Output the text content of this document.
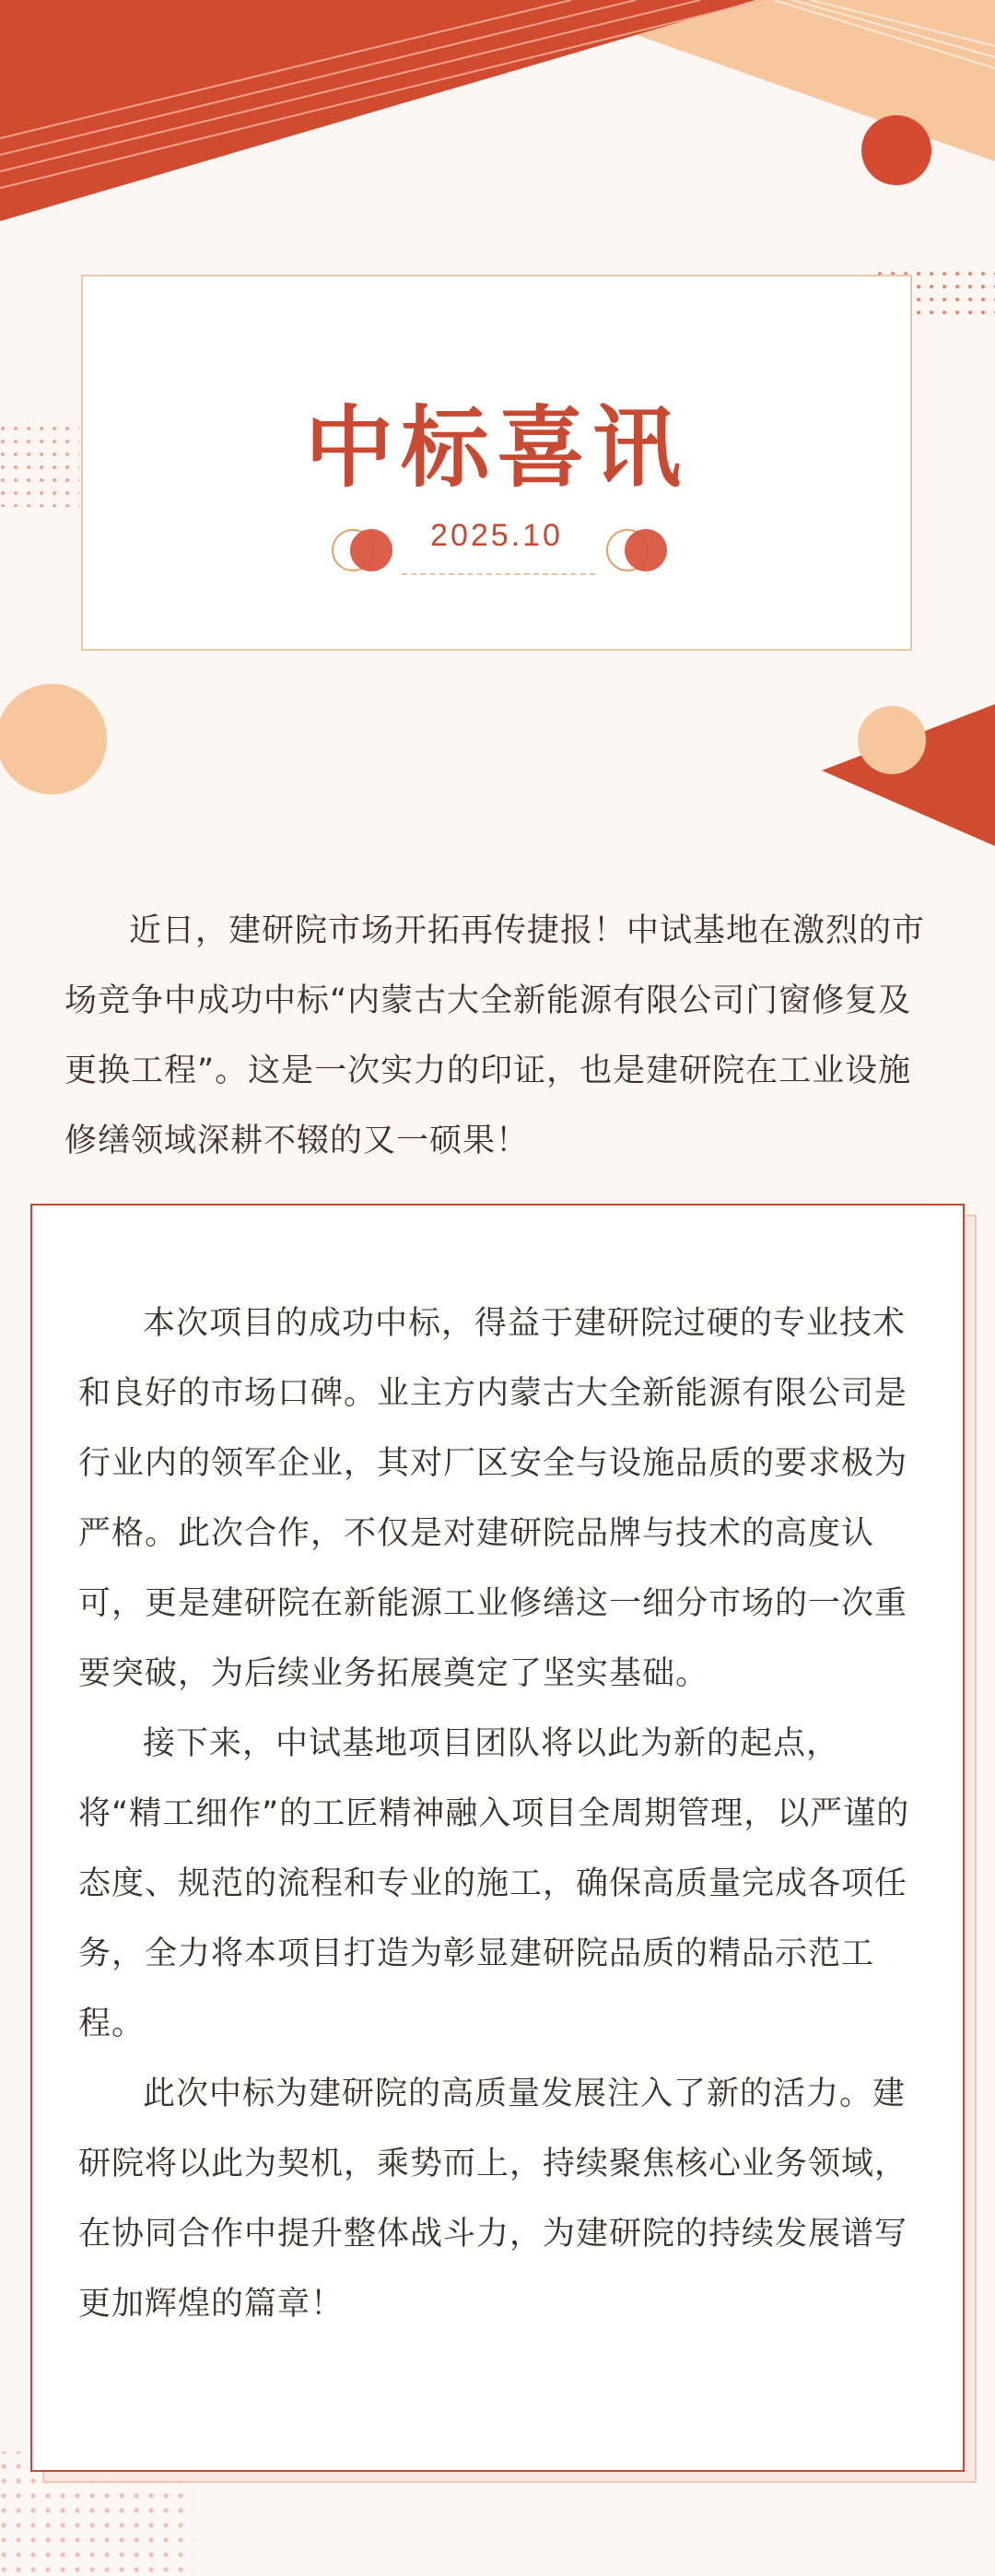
中标喜讯
2025.10

近日，建研院市场开拓再传捷报！中试基地在激烈的市场竞争中成功中标“内蒙古大全新能源有限公司门窗修复及更换工程”。这是一次实力的印证，也是建研院在工业设施修缮领域深耕不辍的又一硕果！

本次项目的成功中标，得益于建研院过硬的专业技术和良好的市场口碑。业主方内蒙古大全新能源有限公司是行业内的领军企业，其对厂区安全与设施品质的要求极为严格。此次合作，不仅是对建研院品牌与技术的高度认可，更是建研院在新能源工业修缮这一细分市场的一次重要突破，为后续业务拓展奠定了坚实基础。

接下来，中试基地项目团队将以此为新的起点，将“精工细作”的工匠精神融入项目全周期管理，以严谨的态度、规范的流程和专业的施工，确保高质量完成各项任务，全力将本项目打造为彰显建研院品质的精品示范工程。

此次中标为建研院的高质量发展注入了新的活力。建研院将以此为契机，乘势而上，持续聚焦核心业务领域，在协同合作中提升整体战斗力，为建研院的持续发展谱写更加辉煌的篇章！
